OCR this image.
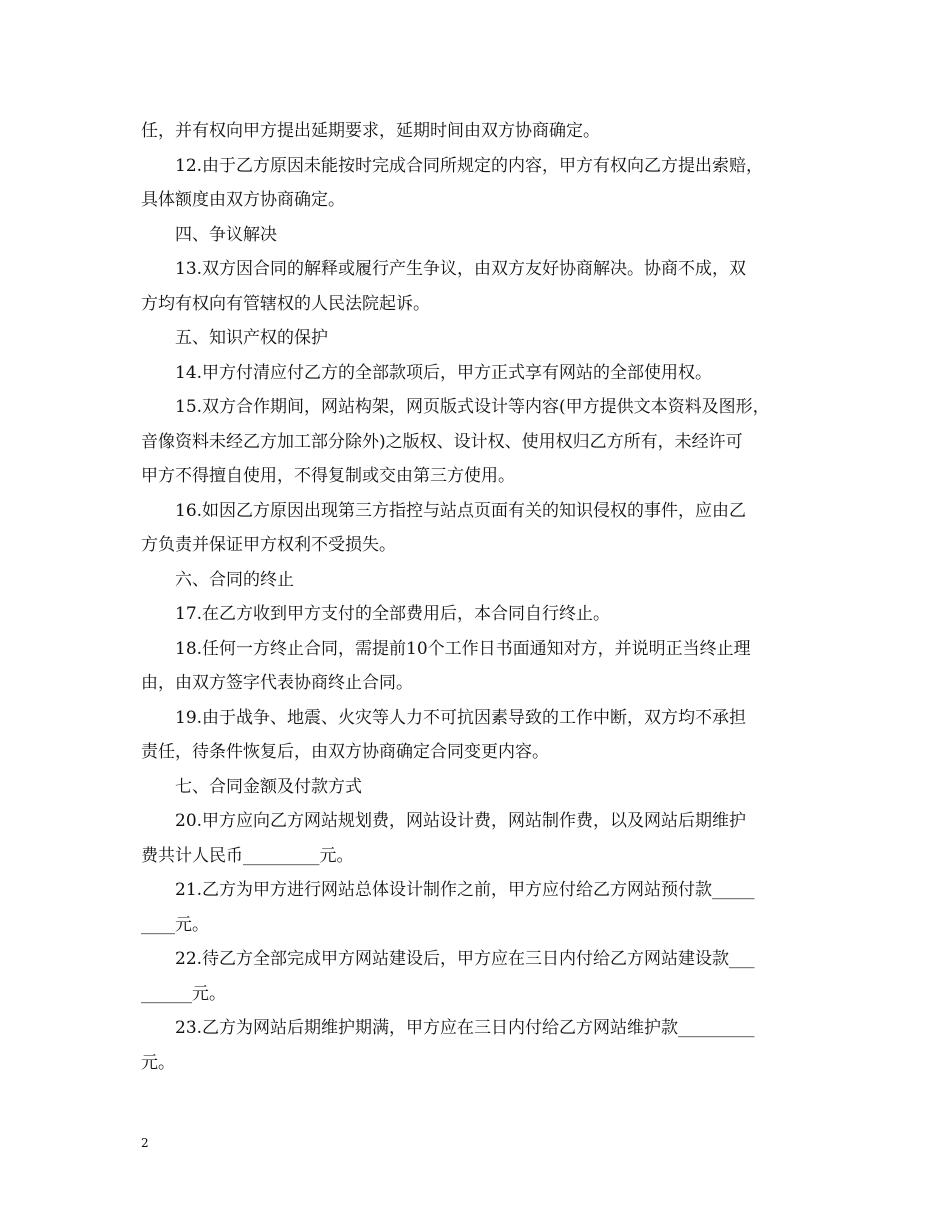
任，并有权向甲方提出延期要求，延期时间由双方协商确定。
12.由于乙方原因未能按时完成合同所规定的内容，甲方有权向乙方提出索赔，
具体额度由双方协商确定。
四、争议解决
13.双方因合同的解释或履行产生争议，由双方友好协商解决。协商不成，双
方均有权向有管辖权的人民法院起诉。
五、知识产权的保护
14.甲方付清应付乙方的全部款项后，甲方正式享有网站的全部使用权。
15.双方合作期间，网站构架，网页版式设计等内容(甲方提供文本资料及图形，
音像资料未经乙方加工部分除外)之版权、设计权、使用权归乙方所有，未经许可
甲方不得擅自使用，不得复制或交由第三方使用。
16.如因乙方原因出现第三方指控与站点页面有关的知识侵权的事件，应由乙
方负责并保证甲方权利不受损失。
六、合同的终止
17.在乙方收到甲方支付的全部费用后，本合同自行终止。
18.任何一方终止合同，需提前10个工作日书面通知对方，并说明正当终止理
由，由双方签字代表协商终止合同。
19.由于战争、地震、火灾等人力不可抗因素导致的工作中断，双方均不承担
责任，待条件恢复后，由双方协商确定合同变更内容。
七、合同金额及付款方式
20.甲方应向乙方网站规划费，网站设计费，网站制作费，以及网站后期维护
费共计人民币_________元。
21.乙方为甲方进行网站总体设计制作之前，甲方应付给乙方网站预付款_____
____元。
22.待乙方全部完成甲方网站建设后，甲方应在三日内付给乙方网站建设款___
______元。
23.乙方为网站后期维护期满，甲方应在三日内付给乙方网站维护款_________
元。
2
